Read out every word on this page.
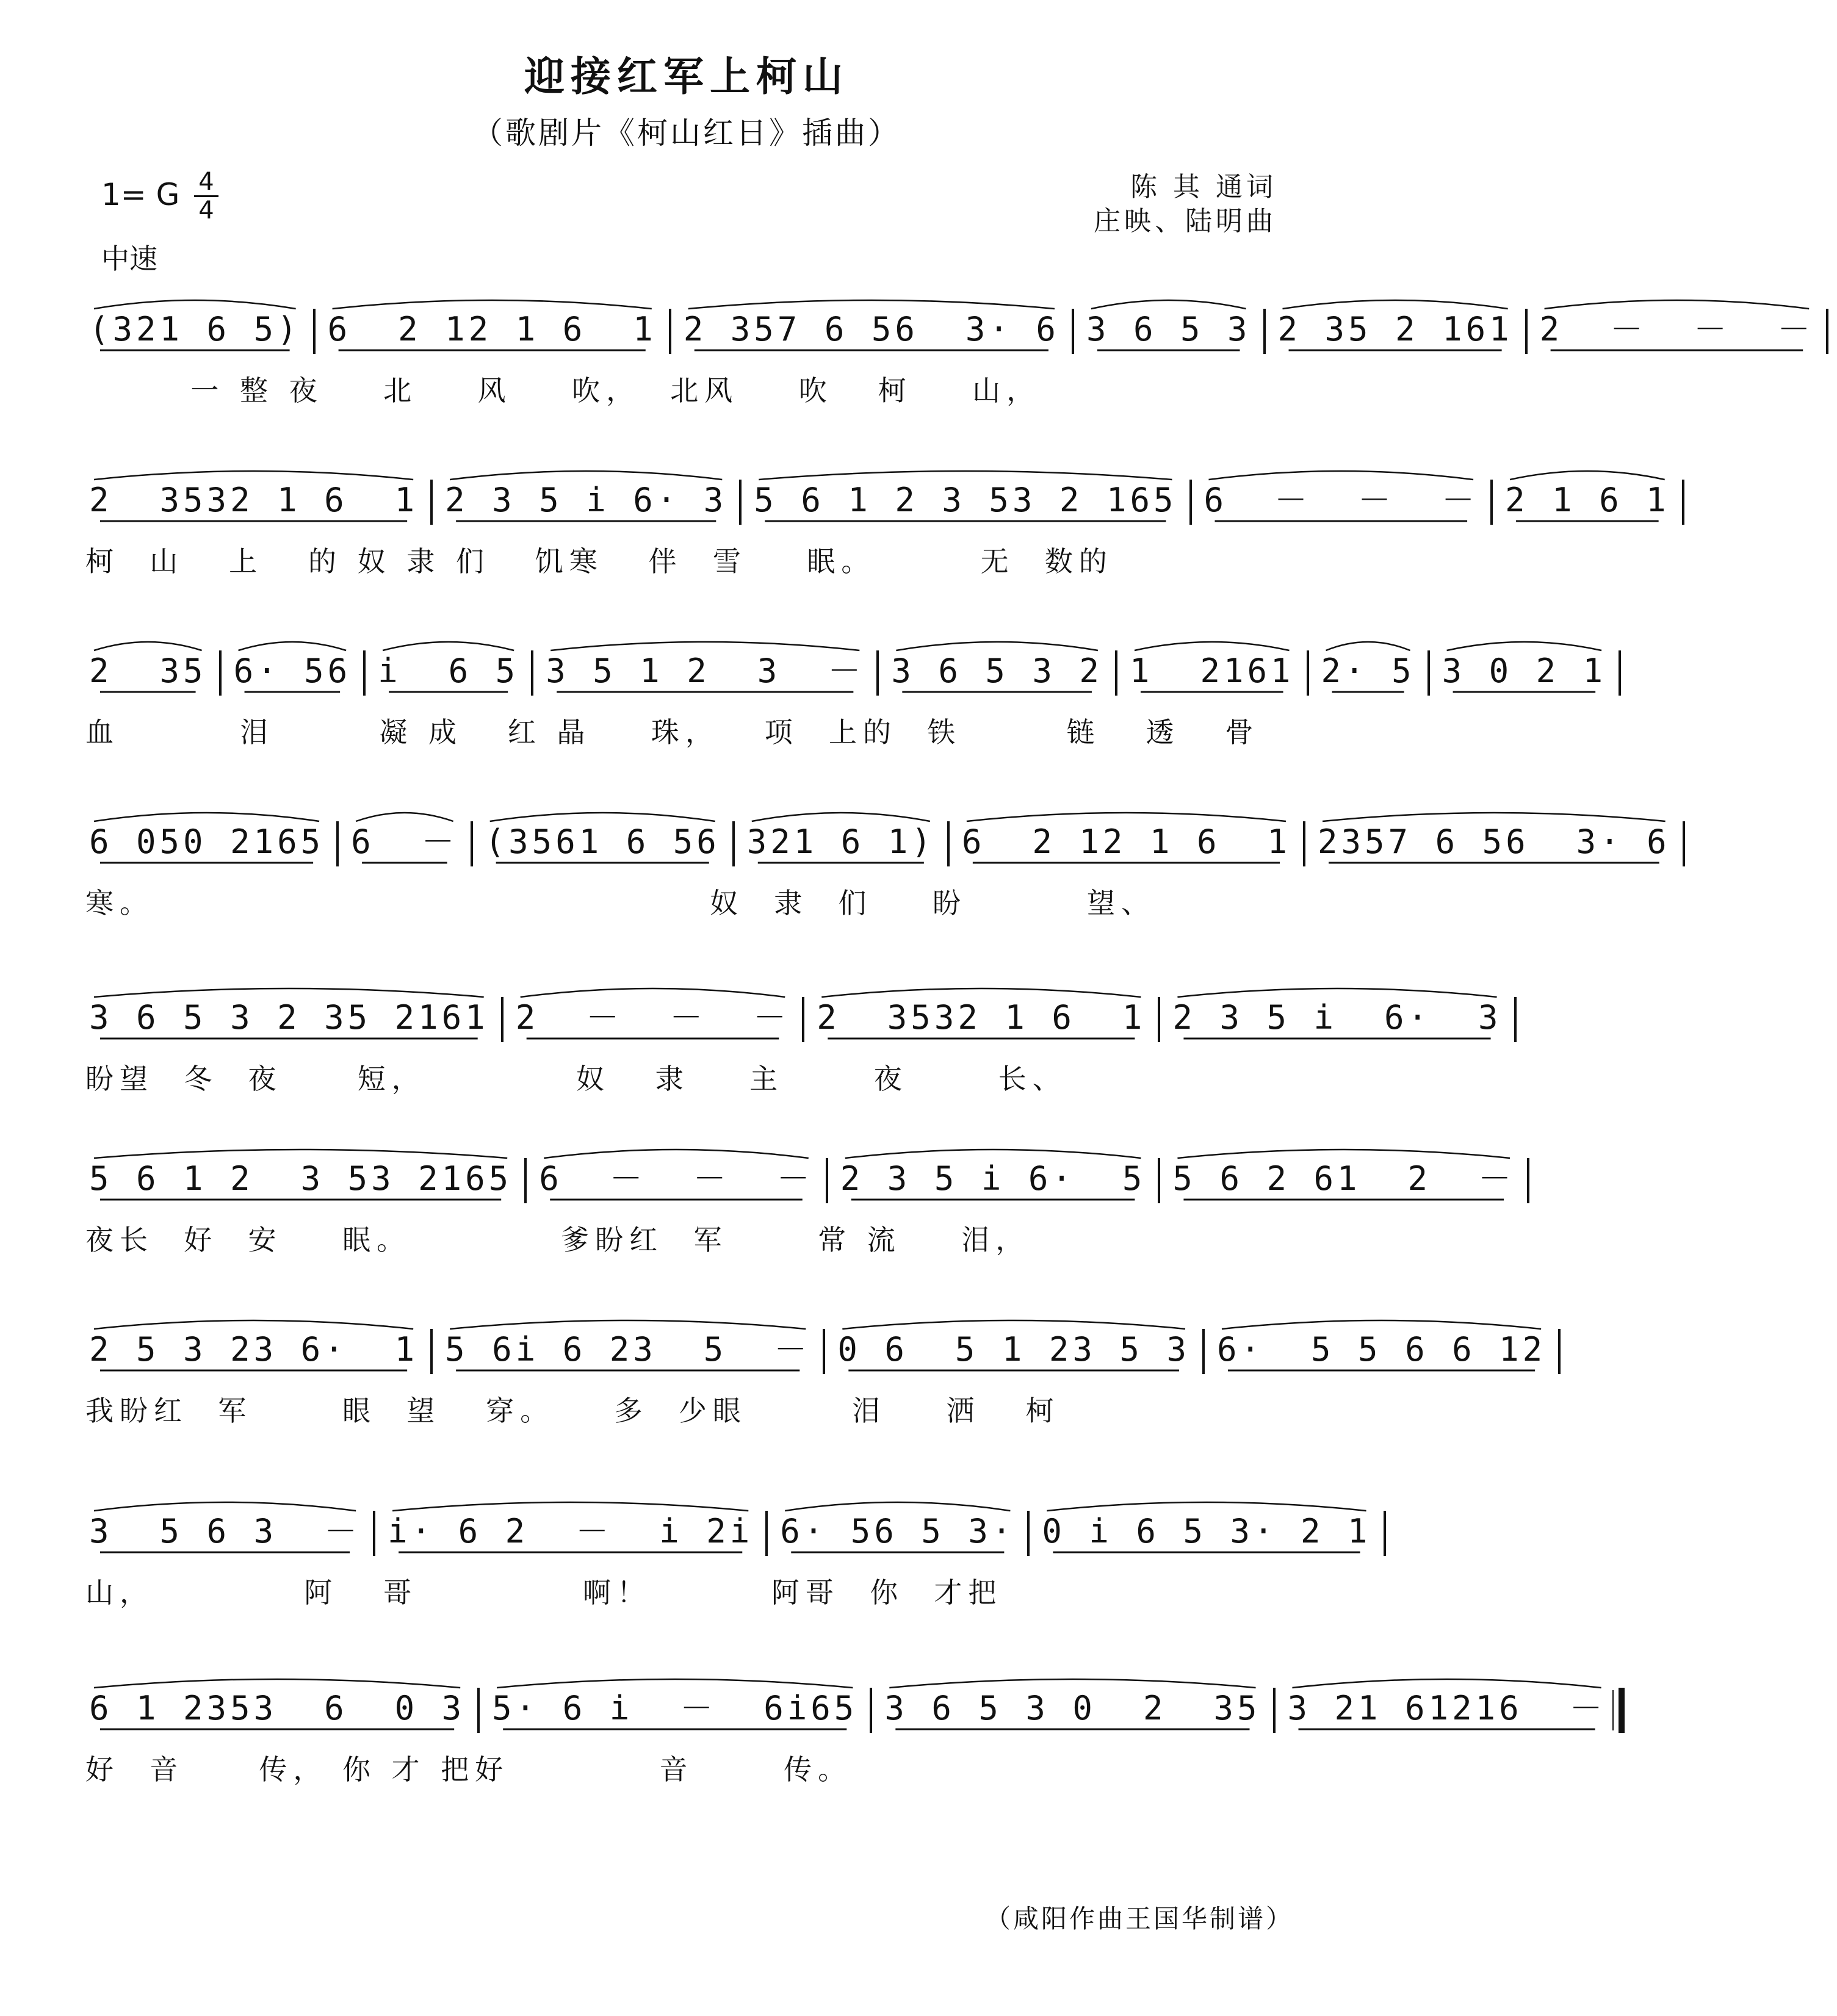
迎接红军上柯山
（歌剧片《柯山红日》插曲）
1= G 4
4
中速
陈 其 通词
庄映、陆明曲
(321 6 5) 6  2 12 1 6  1 2 357 6 56  3· 6 3 6 5 3 2 35 2 161 2  －  －  －
一 整 夜    北    风    吹，  北风    吹   柯    山，
2  3532 1 6  1 2 3 5 i 6· 3 5 6 1 2 3 53 2 165 6  －  －  － 2 1 6 1
柯  山   上   的 奴 隶 们   饥寒   伴  雪    眠。       无  数的
2  35 6· 56 i  6 5 3 5 1 2  3  － 3 6 5 3 2 1  2161 2· 5 3 0 2 1
血        泪       凝 成   红 晶    珠，   项  上的  铁       链   透   骨
6 050 2165 6  － (3561 6 56 321 6 1) 6  2 12 1 6  1 2357 6 56  3· 6
寒。                                     奴  隶  们    盼        望、
3 6 5 3 2 35 2161 2  －  －  － 2  3532 1 6  1 2 3 5 i  6·  3
盼望  冬  夜     短，          奴   隶    主      夜      长、
5 6 1 2  3 53 2165 6  －  －  － 2 3 5 i 6·  5 5 6 2 61  2  －
夜长  好  安    眠。          爹盼红  军      常 流    泪，
2 5 3 23 6·  1 5 6i 6 23  5  － 0 6  5 1 23 5 3 6·  5 5 6 6 12
我盼红  军      眼  望   穿。    多  少眼       泪    洒   柯
3  5 6 3  － i· 6 2  －  i 2i 6· 56 5 3· 0 i 6 5 3· 2 1
山，          阿   哥           啊！        阿哥  你  才把
6 1 2353  6  0 3 5· 6 i  －  6i65 3 6 5 3 0  2  35 3 21 61216  －
好  音     传， 你 才 把好          音      传。
（咸阳作曲王国华制谱）
